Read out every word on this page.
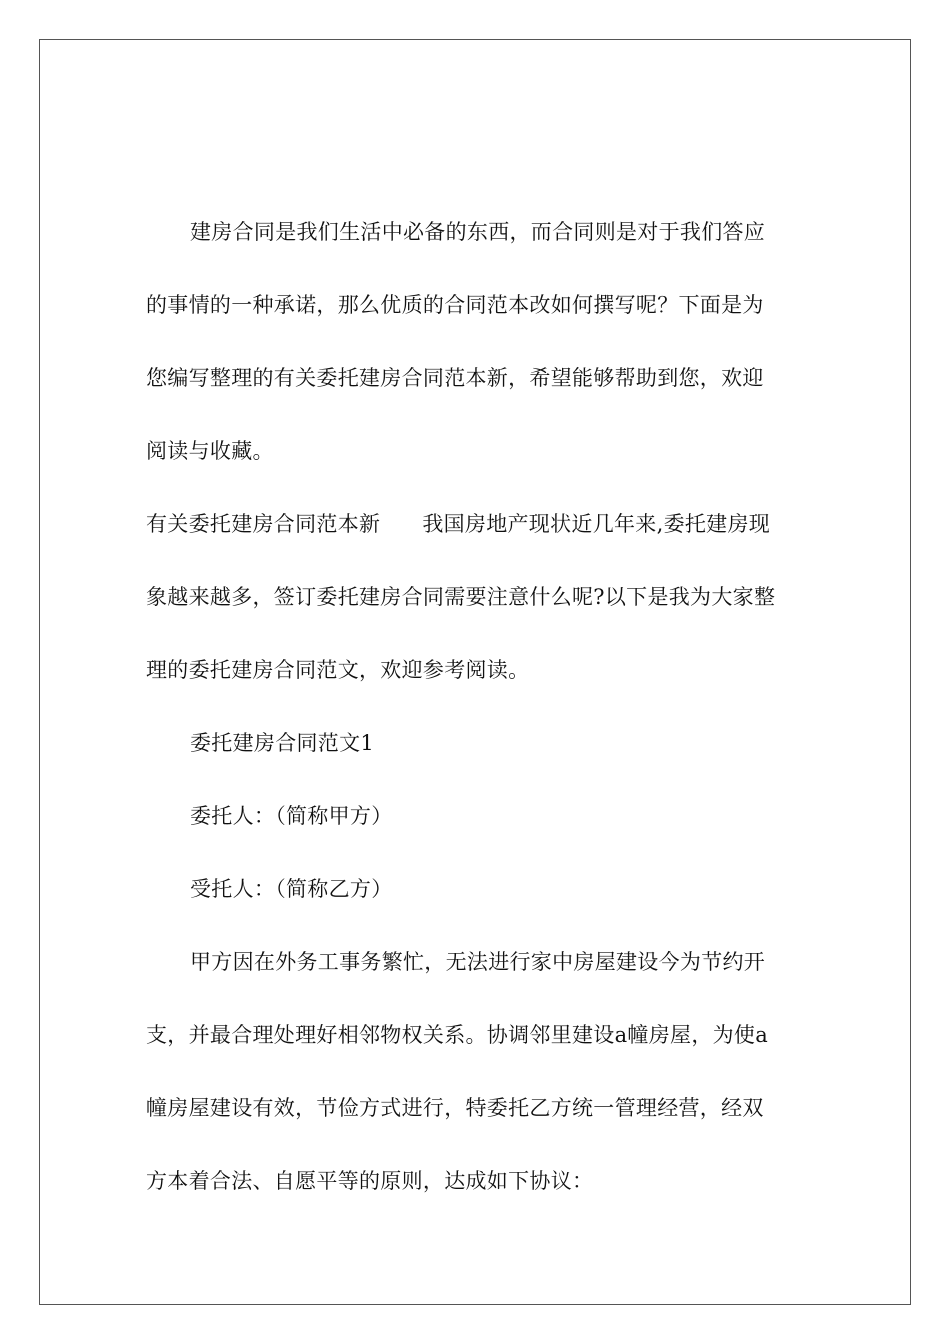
建房合同是我们生活中必备的东西，而合同则是对于我们答应
的事情的一种承诺，那么优质的合同范本改如何撰写呢？下面是为
您编写整理的有关委托建房合同范本新，希望能够帮助到您，欢迎
阅读与收藏。
有关委托建房合同范本新 我国房地产现状近几年来,委托建房现
象越来越多，签订委托建房合同需要注意什么呢?以下是我为大家整
理的委托建房合同范文，欢迎参考阅读。
委托建房合同范文1
委托人：（简称甲方）
受托人：（简称乙方）
甲方因在外务工事务繁忙，无法进行家中房屋建设今为节约开
支，并最合理处理好相邻物权关系。协调邻里建设a幢房屋，为使a
幢房屋建设有效，节俭方式进行，特委托乙方统一管理经营，经双
方本着合法、自愿平等的原则，达成如下协议：
